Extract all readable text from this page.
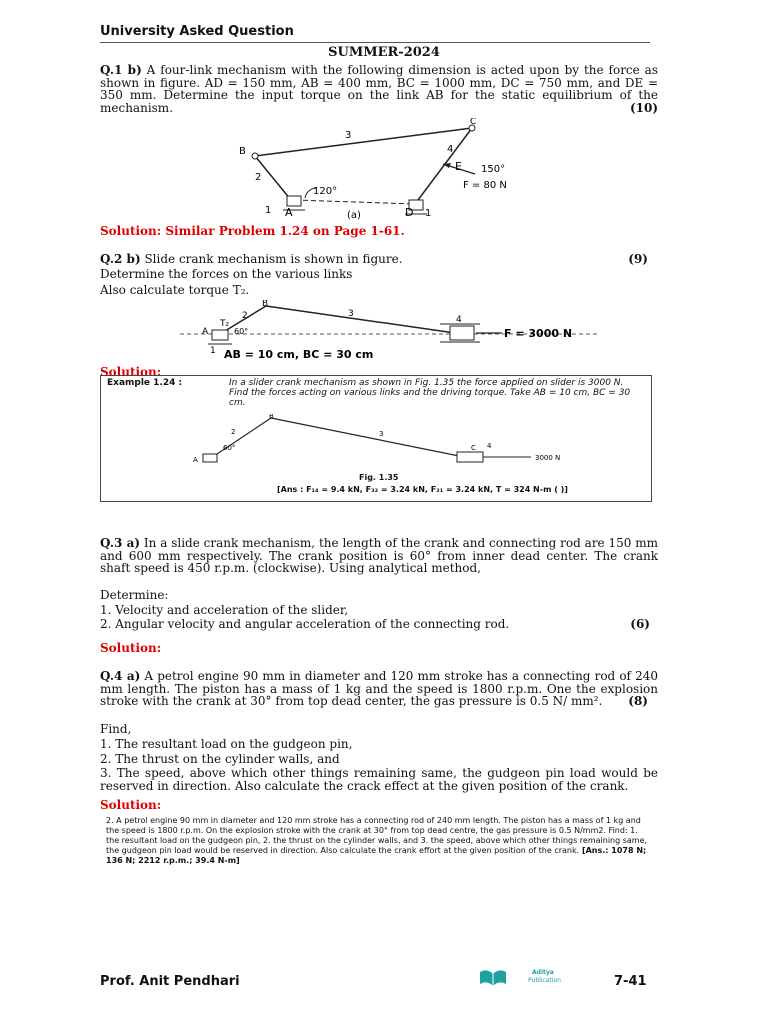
University Asked Question
SUMMER-2024
Q.1 b) A four-link mechanism with the following dimension is acted upon by the force as shown in figure. AD = 150 mm, AB = 400 mm, BC = 1000 mm, DC = 750 mm, and DE = 350 mm. Determine the input torque on the link AB for the static equilibrium of the mechanism.	(10)
B
C
E
A	D
3
2
1
4
1
120°
150°
F = 80 N
(a)
Solution: Similar Problem 1.24 on Page 1-61.
Q.2 b) Slide crank mechanism is shown in figure.	(9)
Determine the forces on the various links
Also calculate torque T₂.
B
2	3
4
1
A
T₂
60°	F = 3000 N
AB = 10 cm, BC = 30 cm
Solution:
Example 1.24 :	In a slider crank mechanism as shown in Fig. 1.35 the force applied on slider is 3000 N. Find the forces acting on various links and the driving torque. Take AB = 10 cm, BC = 30 cm.
B
2	3
4
C
A
60°
3000 N
Fig. 1.35
[Ans : F₁₄ = 9.4 kN, F₃₂ = 3.24 kN, F₂₁ = 3.24 kN, T = 324 N-m ( )]
Q.3 a) In a slide crank mechanism, the length of the crank and connecting rod are 150 mm and 600 mm respectively. The crank position is 60° from inner dead center. The crank shaft speed is 450 r.p.m. (clockwise). Using analytical method,
Determine:
1. Velocity and acceleration of the slider,
2. Angular velocity and angular acceleration of the connecting rod.	(6)
Solution:
Q.4 a) A petrol engine 90 mm in diameter and 120 mm stroke has a connecting rod of 240 mm length. The piston has a mass of 1 kg and the speed is 1800 r.p.m. One the explosion stroke with the crank at 30° from top dead center, the gas pressure is 0.5 N/ mm². (8)
Find,
1. The resultant load on the gudgeon pin,
2. The thrust on the cylinder walls, and
3. The speed, above which other things remaining same, the gudgeon pin load would be reserved in direction. Also calculate the crack effect at the given position of the crank.
Solution:
2. A petrol engine 90 mm in diameter and 120 mm stroke has a connecting rod of 240 mm length. The piston has a mass of 1 kg and the speed is 1800 r.p.m. On the explosion stroke with the crank at 30° from top dead centre, the gas pressure is 0.5 N/mm2. Find: 1. the resultant load on the gudgeon pin, 2. the thrust on the cylinder walls, and 3. the speed, above which other things remaining same, the gudgeon pin load would be reserved in direction. Also calculate the crank effort at the given position of the crank. [Ans.: 1078 N; 136 N; 2212 r.p.m.; 39.4 N-m]
Prof. Anit Pendhari
Aditya
Publication	7-41
